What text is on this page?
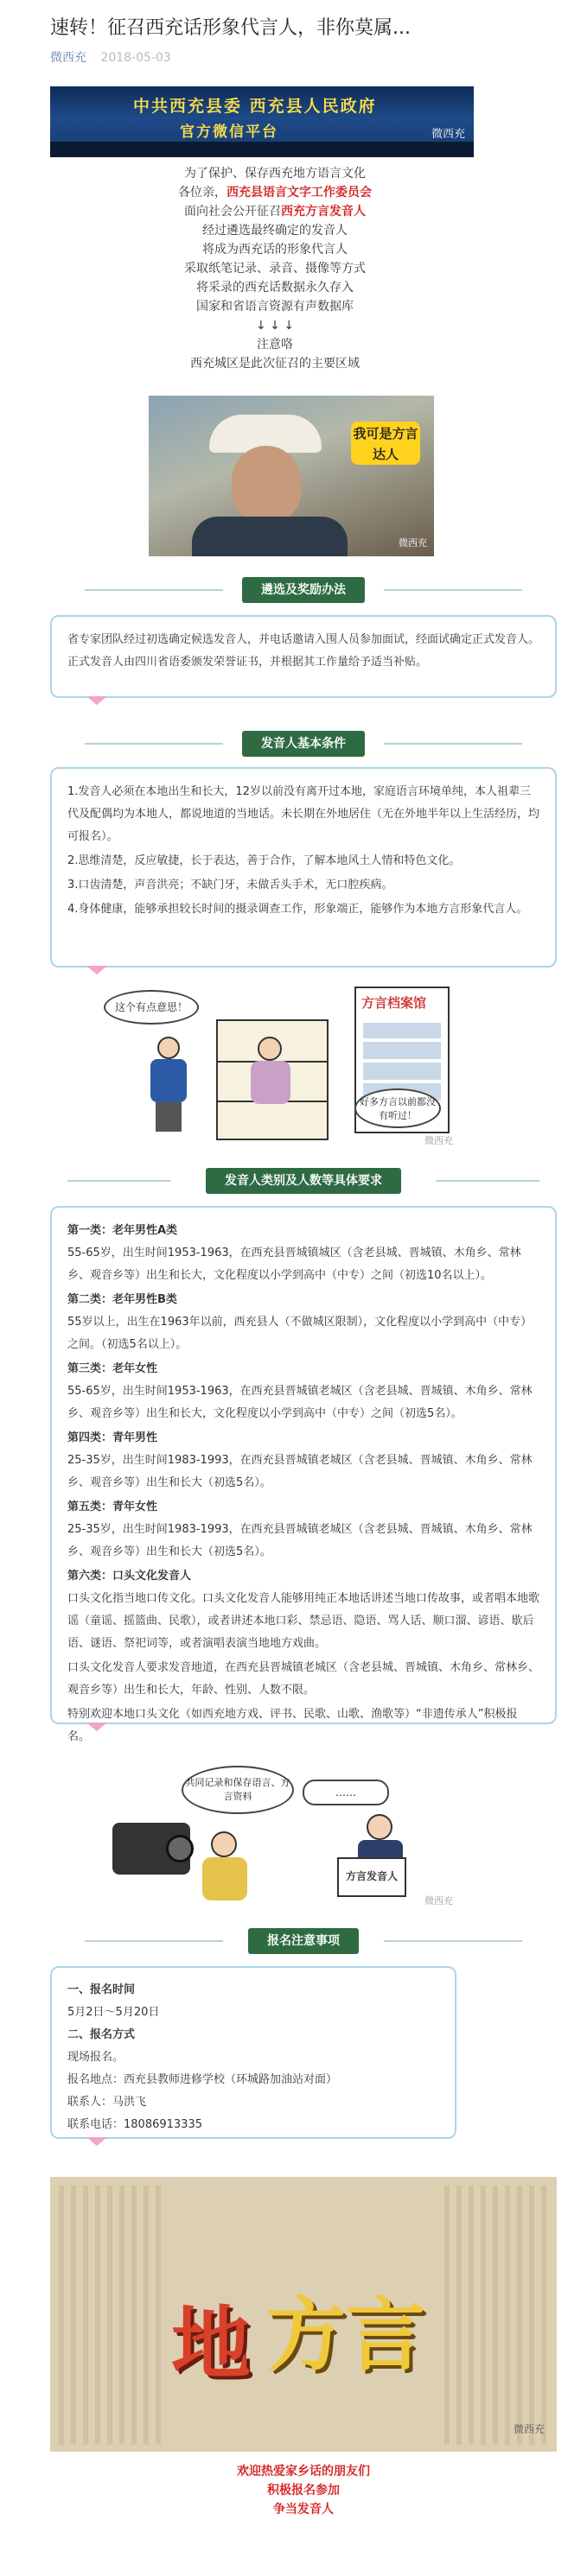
速转！征召西充话形象代言人，非你莫属...
微西充 2018-05-03
中共西充县委 西充县人民政府
官方微信平台	微西充
为了保护、保存西充地方语言文化
各位亲，西充县语言文字工作委员会
面向社会公开征召西充方言发音人
经过遴选最终确定的发音人
将成为西充话的形象代言人
采取纸笔记录、录音、摄像等方式
将采录的西充话数据永久存入
国家和省语言资源有声数据库
↓ ↓ ↓
注意咯
西充城区是此次征召的主要区域
我可是方言达人
微西充
遴选及奖励办法

省专家团队经过初选确定候选发音人，并电话邀请入围人员参加面试，经面试确定正式发音人。正式发音人由四川省语委颁发荣誉证书，并根据其工作量给予适当补贴。

发音人基本条件

1.发音人必须在本地出生和长大，12岁以前没有离开过本地，家庭语言环境单纯，本人祖辈三代及配偶均为本地人，都说地道的当地话。未长期在外地居住（无在外地半年以上生活经历，均可报名）。

2.思维清楚，反应敏捷，长于表达，善于合作，了解本地风土人情和特色文化。

3.口齿清楚，声音洪亮；不缺门牙，未做舌头手术，无口腔疾病。

4.身体健康，能够承担较长时间的摄录调查工作，形象端正，能够作为本地方言形象代言人。

这个有点意思！	方言档案馆
好多方言以前都没有听过！
微西充
发音人类别及人数等具体要求

第一类：老年男性A类
55-65岁，出生时间1953-1963，在西充县晋城镇城区（含老县城、晋城镇、木角乡、常林乡、观音乡等）出生和长大，文化程度以小学到高中（中专）之间（初选10名以上）。

第二类：老年男性B类
55岁以上，出生在1963年以前，西充县人（不做城区限制），文化程度以小学到高中（中专）之间。（初选5名以上）。

第三类：老年女性
55-65岁，出生时间1953-1963，在西充县晋城镇老城区（含老县城、晋城镇、木角乡、常林乡、观音乡等）出生和长大，文化程度以小学到高中（中专）之间（初选5名）。

第四类：青年男性
25-35岁，出生时间1983-1993，在西充县晋城镇老城区（含老县城、晋城镇、木角乡、常林乡、观音乡等）出生和长大（初选5名）。

第五类：青年女性
25-35岁，出生时间1983-1993，在西充县晋城镇老城区（含老县城、晋城镇、木角乡、常林乡、观音乡等）出生和长大（初选5名）。

第六类：口头文化发音人
口头文化指当地口传文化。口头文化发音人能够用纯正本地话讲述当地口传故事，或者唱本地歌谣（童谣、摇篮曲、民歌），或者讲述本地口彩、禁忌语、隐语、骂人话、顺口溜、谚语、歇后语、谜语、祭祀词等，或者演唱表演当地地方戏曲。

口头文化发音人要求发音地道，在西充县晋城镇老城区（含老县城、晋城镇、木角乡、常林乡、观音乡等）出生和长大，年龄、性别、人数不限。

特别欢迎本地口头文化（如西充地方戏、评书、民歌、山歌、渔歌等）“非遗传承人”积极报名。

共同记录和保存语言、方言资料	……
方言发音人
微西充
报名注意事项

一、报名时间

5月2日～5月20日

二、报名方式

现场报名。

报名地点：西充县教师进修学校（环城路加油站对面）

联系人：马洪飞

联系电话：18086913335

地 方言
微西充
欢迎热爱家乡话的朋友们
积极报名参加
争当发音人
